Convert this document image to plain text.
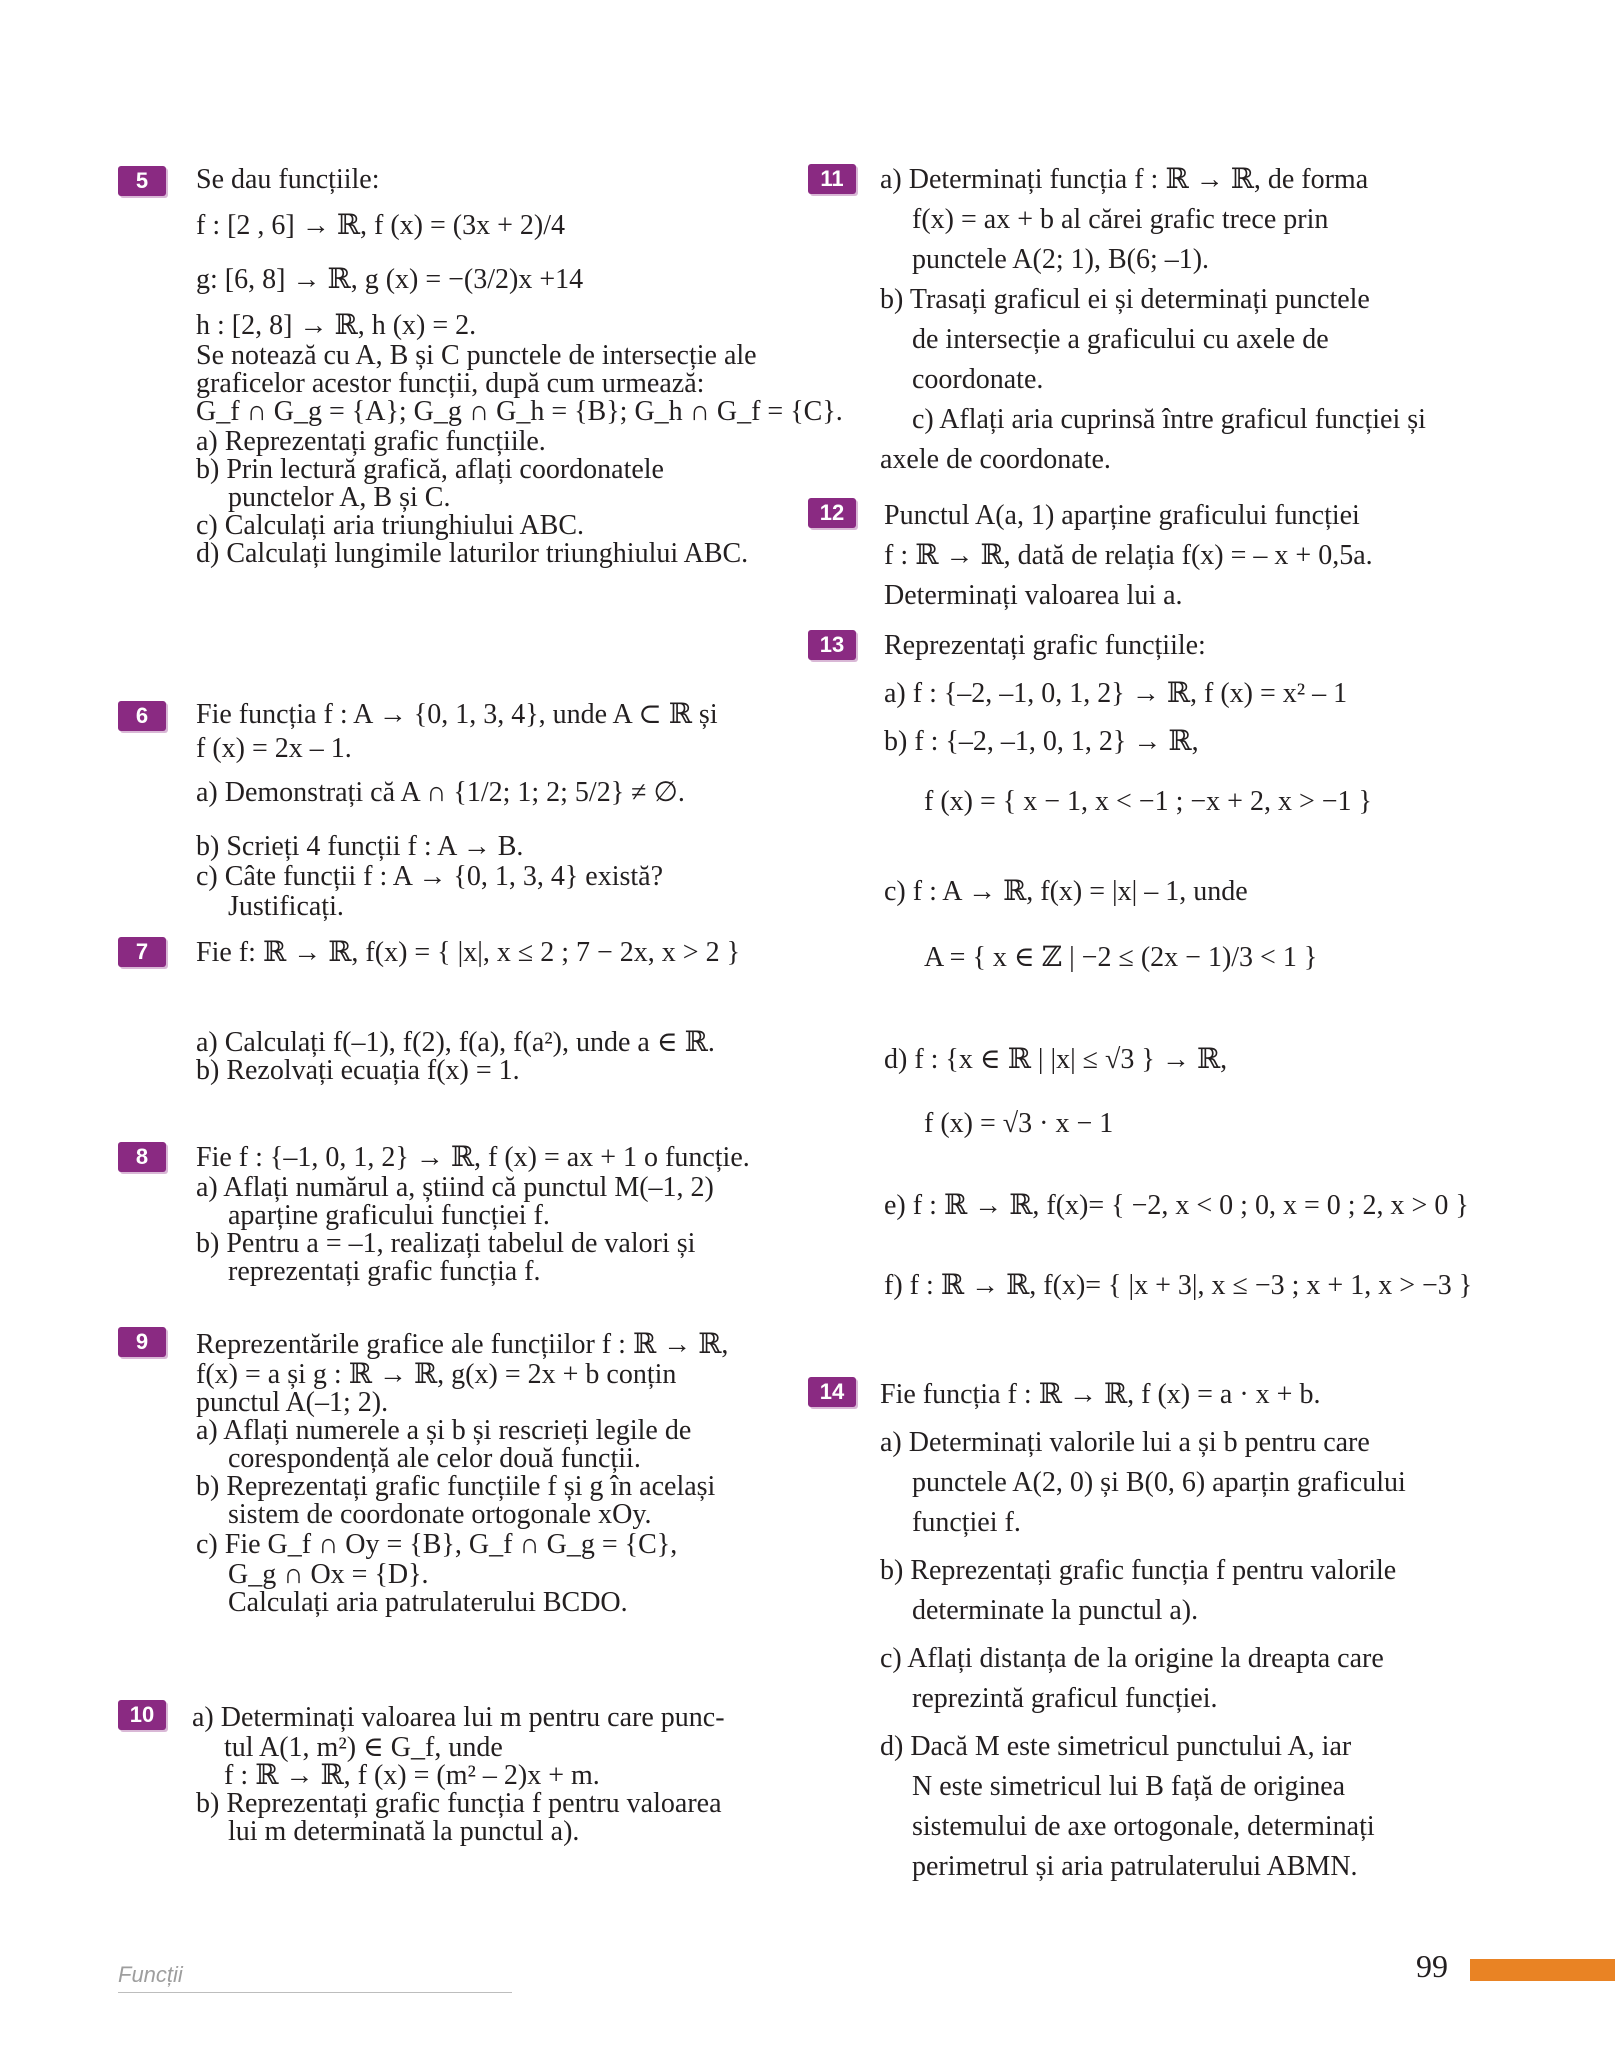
5	Se dau funcțiile:
f : [2 , 6] → ℝ, f (x) = (3x + 2)/4
g: [6, 8] → ℝ, g (x) = −(3/2)x +14
h : [2, 8] → ℝ, h (x) = 2.
Se notează cu A, B și C punctele de intersecție ale
graficelor acestor funcții, după cum urmează:
G_f ∩ G_g = {A}; G_g ∩ G_h = {B}; G_h ∩ G_f = {C}.
a) Reprezentați grafic funcțiile.
b) Prin lectură grafică, aflați coordonatele
punctelor A, B și C.
c) Calculați aria triunghiului ABC.
d) Calculați lungimile laturilor triunghiului ABC.
6	Fie funcția f : A → {0, 1, 3, 4}, unde A ⊂ ℝ și
f (x) = 2x – 1.
a) Demonstrați că A ∩ {1/2; 1; 2; 5/2} ≠ ∅.
b) Scrieți 4 funcții f : A → B.
c) Câte funcții f : A → {0, 1, 3, 4} există?
Justificați.
7	Fie f: ℝ → ℝ, f(x) = { |x|, x ≤ 2 ; 7 − 2x, x > 2 }
a) Calculați f(–1), f(2), f(a), f(a²), unde a ∈ ℝ.
b) Rezolvați ecuația f(x) = 1.
8	Fie f : {–1, 0, 1, 2} → ℝ, f (x) = ax + 1 o funcție.
a) Aflați numărul a, știind că punctul M(–1, 2)
aparține graficului funcției f.
b) Pentru a = –1, realizați tabelul de valori și
reprezentați grafic funcția f.
9	Reprezentările grafice ale funcțiilor f : ℝ → ℝ,
f(x) = a și g : ℝ → ℝ, g(x) = 2x + b conțin
punctul A(–1; 2).
a) Aflați numerele a și b și rescrieți legile de
corespondență ale celor două funcții.
b) Reprezentați grafic funcțiile f și g în același
sistem de coordonate ortogonale xOy.
c) Fie G_f ∩ Oy = {B}, G_f ∩ G_g = {C},
G_g ∩ Ox = {D}.
Calculați aria patrulaterului BCDO.
10	a) Determinați valoarea lui m pentru care punc-
tul A(1, m²) ∈ G_f, unde
f : ℝ → ℝ, f (x) = (m² – 2)x + m.
b) Reprezentați grafic funcția f pentru valoarea
lui m determinată la punctul a).
11	a) Determinați funcția f : ℝ → ℝ, de forma
f(x) = ax + b al cărei grafic trece prin
punctele A(2; 1), B(6; –1).
b) Trasați graficul ei și determinați punctele
de intersecție a graficului cu axele de
coordonate.
c) Aflați aria cuprinsă între graficul funcției și
axele de coordonate.
12	Punctul A(a, 1) aparține graficului funcției
f : ℝ → ℝ, dată de relația f(x) = – x + 0,5a.
Determinați valoarea lui a.
13	Reprezentați grafic funcțiile:
a) f : {–2, –1, 0, 1, 2} → ℝ, f (x) = x² – 1
b) f : {–2, –1, 0, 1, 2} → ℝ,
f (x) = { x − 1, x < −1 ; −x + 2, x > −1 }
c) f : A → ℝ, f(x) = |x| – 1, unde
A = { x ∈ ℤ | −2 ≤ (2x − 1)/3 < 1 }
d) f : {x ∈ ℝ | |x| ≤ √3 } → ℝ,
f (x) = √3 · x − 1
e) f : ℝ → ℝ, f(x)= { −2, x < 0 ; 0, x = 0 ; 2, x > 0 }
f) f : ℝ → ℝ, f(x)= { |x + 3|, x ≤ −3 ; x + 1, x > −3 }
14	Fie funcția f : ℝ → ℝ, f (x) = a · x + b.
a) Determinați valorile lui a și b pentru care
punctele A(2, 0) și B(0, 6) aparțin graficului
funcției f.
b) Reprezentați grafic funcția f pentru valorile
determinate la punctul a).
c) Aflați distanța de la origine la dreapta care
reprezintă graficul funcției.
d) Dacă M este simetricul punctului A, iar
N este simetricul lui B față de originea
sistemului de axe ortogonale, determinați
perimetrul și aria patrulaterului ABMN.
Funcții	99
